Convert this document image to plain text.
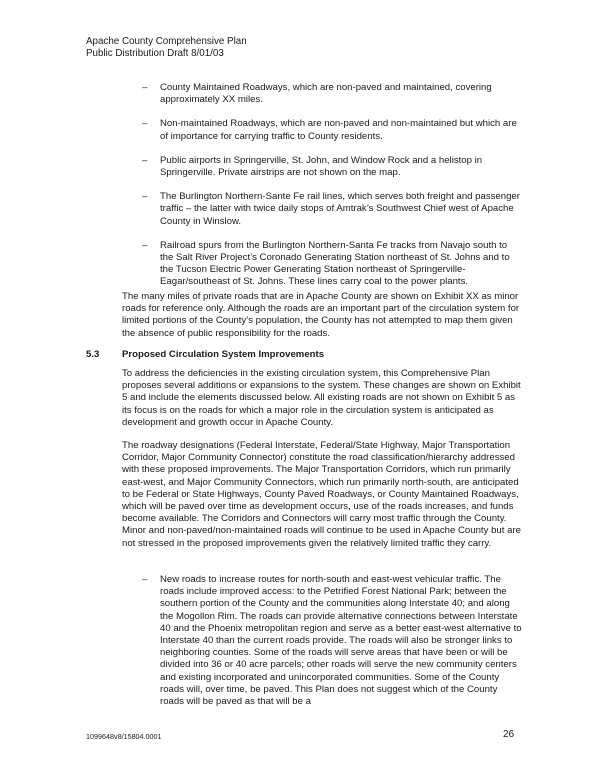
Apache County Comprehensive Plan
Public Distribution Draft 8/01/03
– County Maintained Roadways, which are non-paved and maintained, covering approximately XX miles.
– Non-maintained Roadways, which are non-paved and non-maintained but which are of importance for carrying traffic to County residents.
– Public airports in Springerville, St. John, and Window Rock and a helistop in Springerville. Private airstrips are not shown on the map.
– The Burlington Northern-Sante Fe rail lines, which serves both freight and passenger traffic – the latter with twice daily stops of Amtrak’s Southwest Chief west of Apache County in Winslow.
– Railroad spurs from the Burlington Northern-Santa Fe tracks from Navajo south to the Salt River Project’s Coronado Generating Station northeast of St. Johns and to the Tucson Electric Power Generating Station northeast of Springerville-Eagar/southeast of St. Johns. These lines carry coal to the power plants.
The many miles of private roads that are in Apache County are shown on Exhibit XX as minor roads for reference only. Although the roads are an important part of the circulation system for limited portions of the County’s population, the County has not attempted to map them given the absence of public responsibility for the roads.
5.3 Proposed Circulation System Improvements
To address the deficiencies in the existing circulation system, this Comprehensive Plan proposes several additions or expansions to the system. These changes are shown on Exhibit 5 and include the elements discussed below. All existing roads are not shown on Exhibit 5 as its focus is on the roads for which a major role in the circulation system is anticipated as development and growth occur in Apache County.
The roadway designations (Federal Interstate, Federal/State Highway, Major Transportation Corridor, Major Community Connector) constitute the road classification/hierarchy addressed with these proposed improvements. The Major Transportation Corridors, which run primarily east-west, and Major Community Connectors, which run primarily north-south, are anticipated to be Federal or State Highways, County Paved Roadways, or County Maintained Roadways, which will be paved over time as development occurs, use of the roads increases, and funds become available. The Corridors and Connectors will carry most traffic through the County. Minor and non-paved/non-maintained roads will continue to be used in Apache County but are not stressed in the proposed improvements given the relatively limited traffic they carry.
– New roads to increase routes for north-south and east-west vehicular traffic. The roads include improved access: to the Petrified Forest National Park; between the southern portion of the County and the communities along Interstate 40; and along the Mogollon Rim. The roads can provide alternative connections between Interstate 40 and the Phoenix metropolitan region and serve as a better east-west alternative to Interstate 40 than the current roads provide. The roads will also be stronger links to neighboring counties. Some of the roads will serve areas that have been or will be divided into 36 or 40 acre parcels; other roads will serve the new community centers and existing incorporated and unincorporated communities. Some of the County roads will, over time, be paved. This Plan does not suggest which of the County roads will be paved as that will be a
1099648v8/15804.0001	26
